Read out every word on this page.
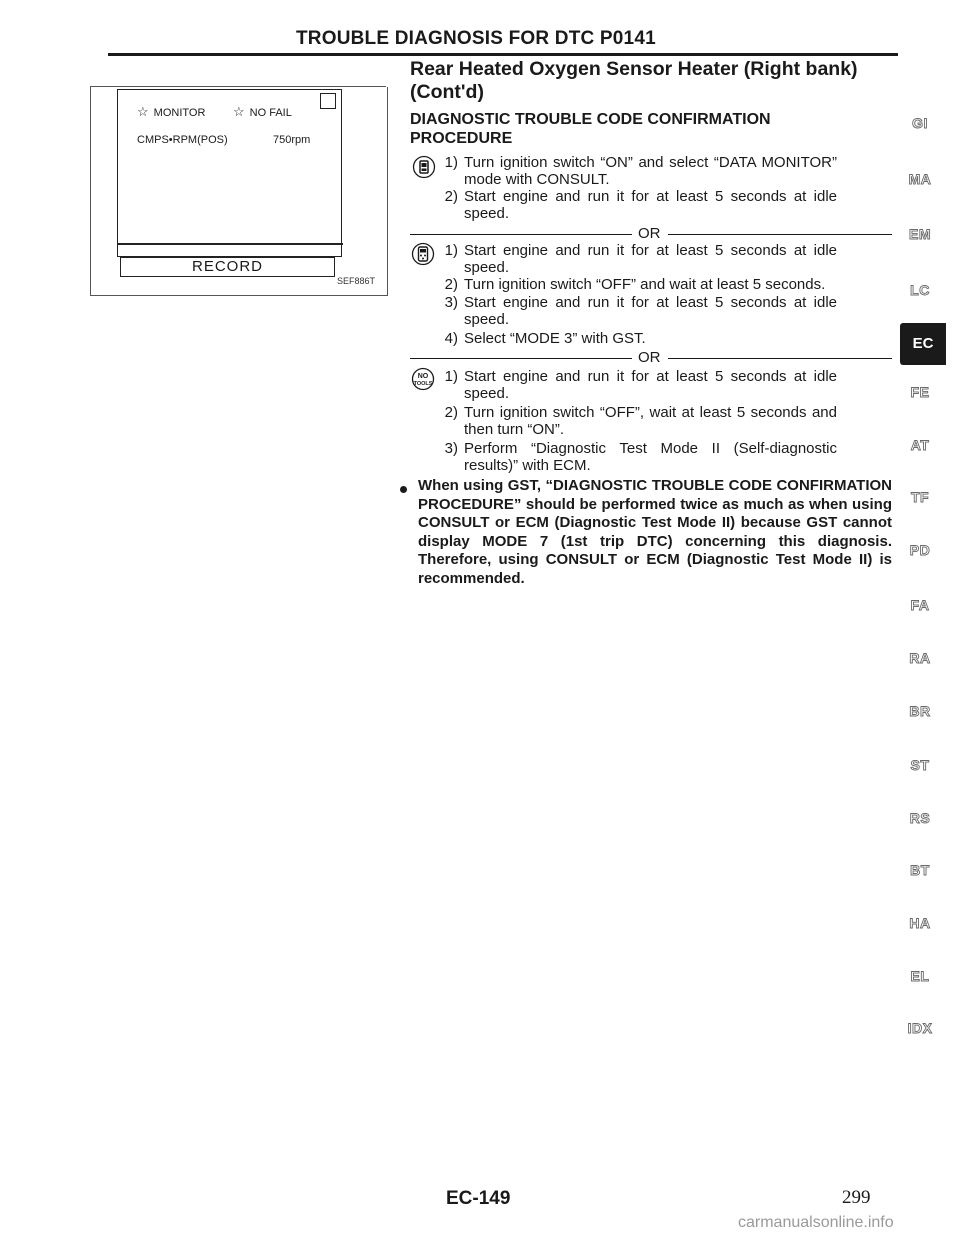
TROUBLE DIAGNOSIS FOR DTC P0141
☆ MONITOR ☆ NO FAIL
CMPS•RPM(POS)	750rpm
RECORD
SEF886T
Rear Heated Oxygen Sensor Heater (Right bank) (Cont'd)
DIAGNOSTIC TROUBLE CODE CONFIRMATION PROCEDURE
1) Turn ignition switch “ON” and select “DATA MONITOR” mode with CONSULT.
2) Start engine and run it for at least 5 seconds at idle speed.
OR
1) Start engine and run it for at least 5 seconds at idle speed.
2) Turn ignition switch “OFF” and wait at least 5 seconds.
3) Start engine and run it for at least 5 seconds at idle speed.
4) Select “MODE 3” with GST.
OR
NO
TOOLS 1) Start engine and run it for at least 5 seconds at idle speed.
2) Turn ignition switch “OFF”, wait at least 5 seconds and then turn “ON”.
3) Perform “Diagnostic Test Mode II (Self-diagnostic results)” with ECM.
When using GST, “DIAGNOSTIC TROUBLE CODE CONFIRMATION PROCEDURE” should be performed twice as much as when using CONSULT or ECM (Diagnostic Test Mode II) because GST cannot display MODE 7 (1st trip DTC) concerning this diagnosis. Therefore, using CONSULT or ECM (Diagnostic Test Mode II) is recommended.
GI
MA
EM
LC
EC
FE
AT
TF
PD
FA
RA
BR
ST
RS
BT
HA
EL
IDX
EC-149	299
carmanualsonline.info
